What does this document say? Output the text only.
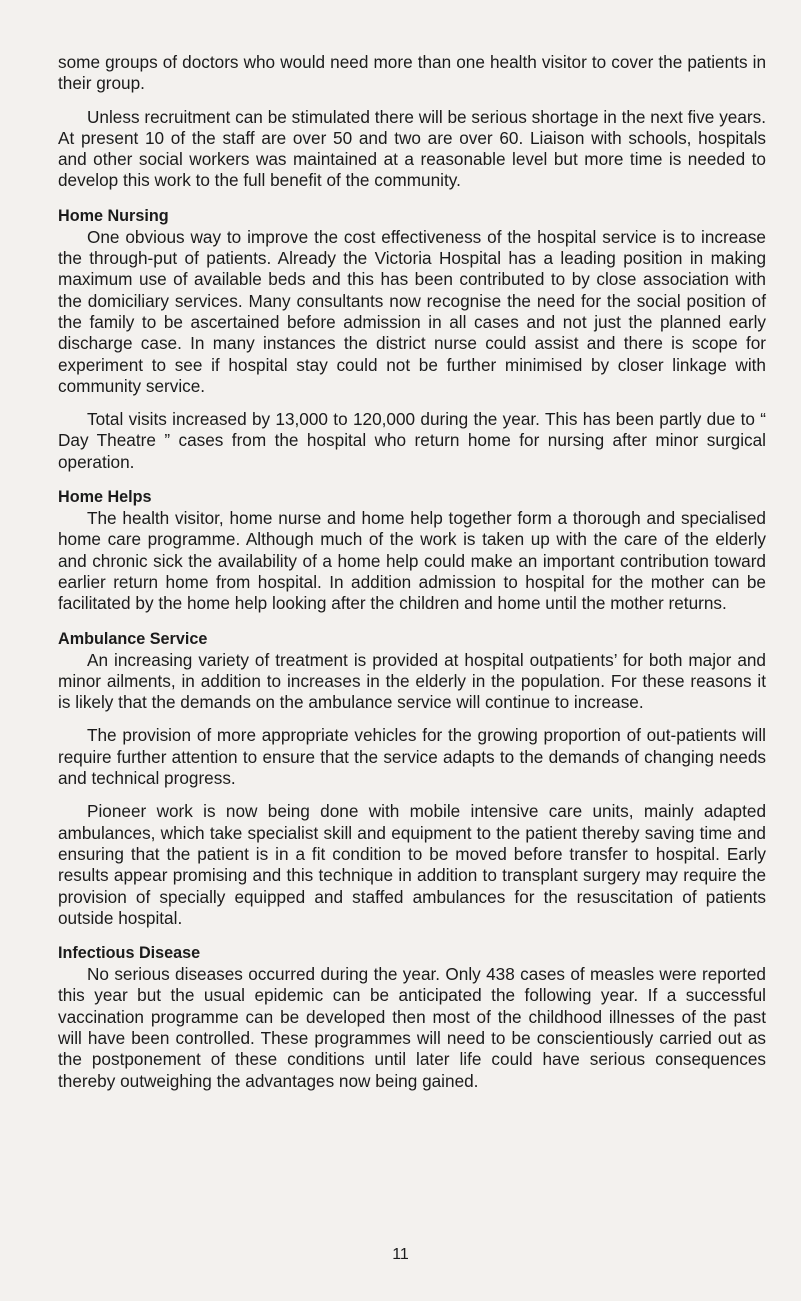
some groups of doctors who would need more than one health visitor to cover the patients in their group.

Unless recruitment can be stimulated there will be serious shortage in the next five years. At present 10 of the staff are over 50 and two are over 60. Liaison with schools, hospitals and other social workers was maintained at a reasonable level but more time is needed to develop this work to the full benefit of the community.

Home Nursing

One obvious way to improve the cost effectiveness of the hospital service is to increase the through-put of patients. Already the Victoria Hospital has a leading position in making maximum use of available beds and this has been contributed to by close association with the domiciliary services. Many consultants now recognise the need for the social position of the family to be ascertained before admission in all cases and not just the planned early discharge case. In many instances the district nurse could assist and there is scope for experiment to see if hospital stay could not be further minimised by closer linkage with community service.

Total visits increased by 13,000 to 120,000 during the year. This has been partly due to “ Day Theatre ” cases from the hospital who return home for nursing after minor surgical operation.

Home Helps

The health visitor, home nurse and home help together form a thorough and specialised home care programme. Although much of the work is taken up with the care of the elderly and chronic sick the availability of a home help could make an important contribution toward earlier return home from hospital. In addition admission to hospital for the mother can be facilitated by the home help looking after the children and home until the mother returns.

Ambulance Service

An increasing variety of treatment is provided at hospital outpatients’ for both major and minor ailments, in addition to increases in the elderly in the population. For these reasons it is likely that the demands on the ambulance service will continue to increase.

The provision of more appropriate vehicles for the growing proportion of out-patients will require further attention to ensure that the service adapts to the demands of changing needs and technical progress.

Pioneer work is now being done with mobile intensive care units, mainly adapted ambulances, which take specialist skill and equipment to the patient thereby saving time and ensuring that the patient is in a fit condition to be moved before transfer to hospital. Early results appear promising and this technique in addition to transplant surgery may require the provision of specially equipped and staffed ambulances for the resuscitation of patients outside hospital.

Infectious Disease

No serious diseases occurred during the year. Only 438 cases of measles were reported this year but the usual epidemic can be anticipated the following year. If a successful vaccination programme can be developed then most of the childhood illnesses of the past will have been controlled. These programmes will need to be conscientiously carried out as the postponement of these conditions until later life could have serious consequences thereby outweighing the advantages now being gained.

11
